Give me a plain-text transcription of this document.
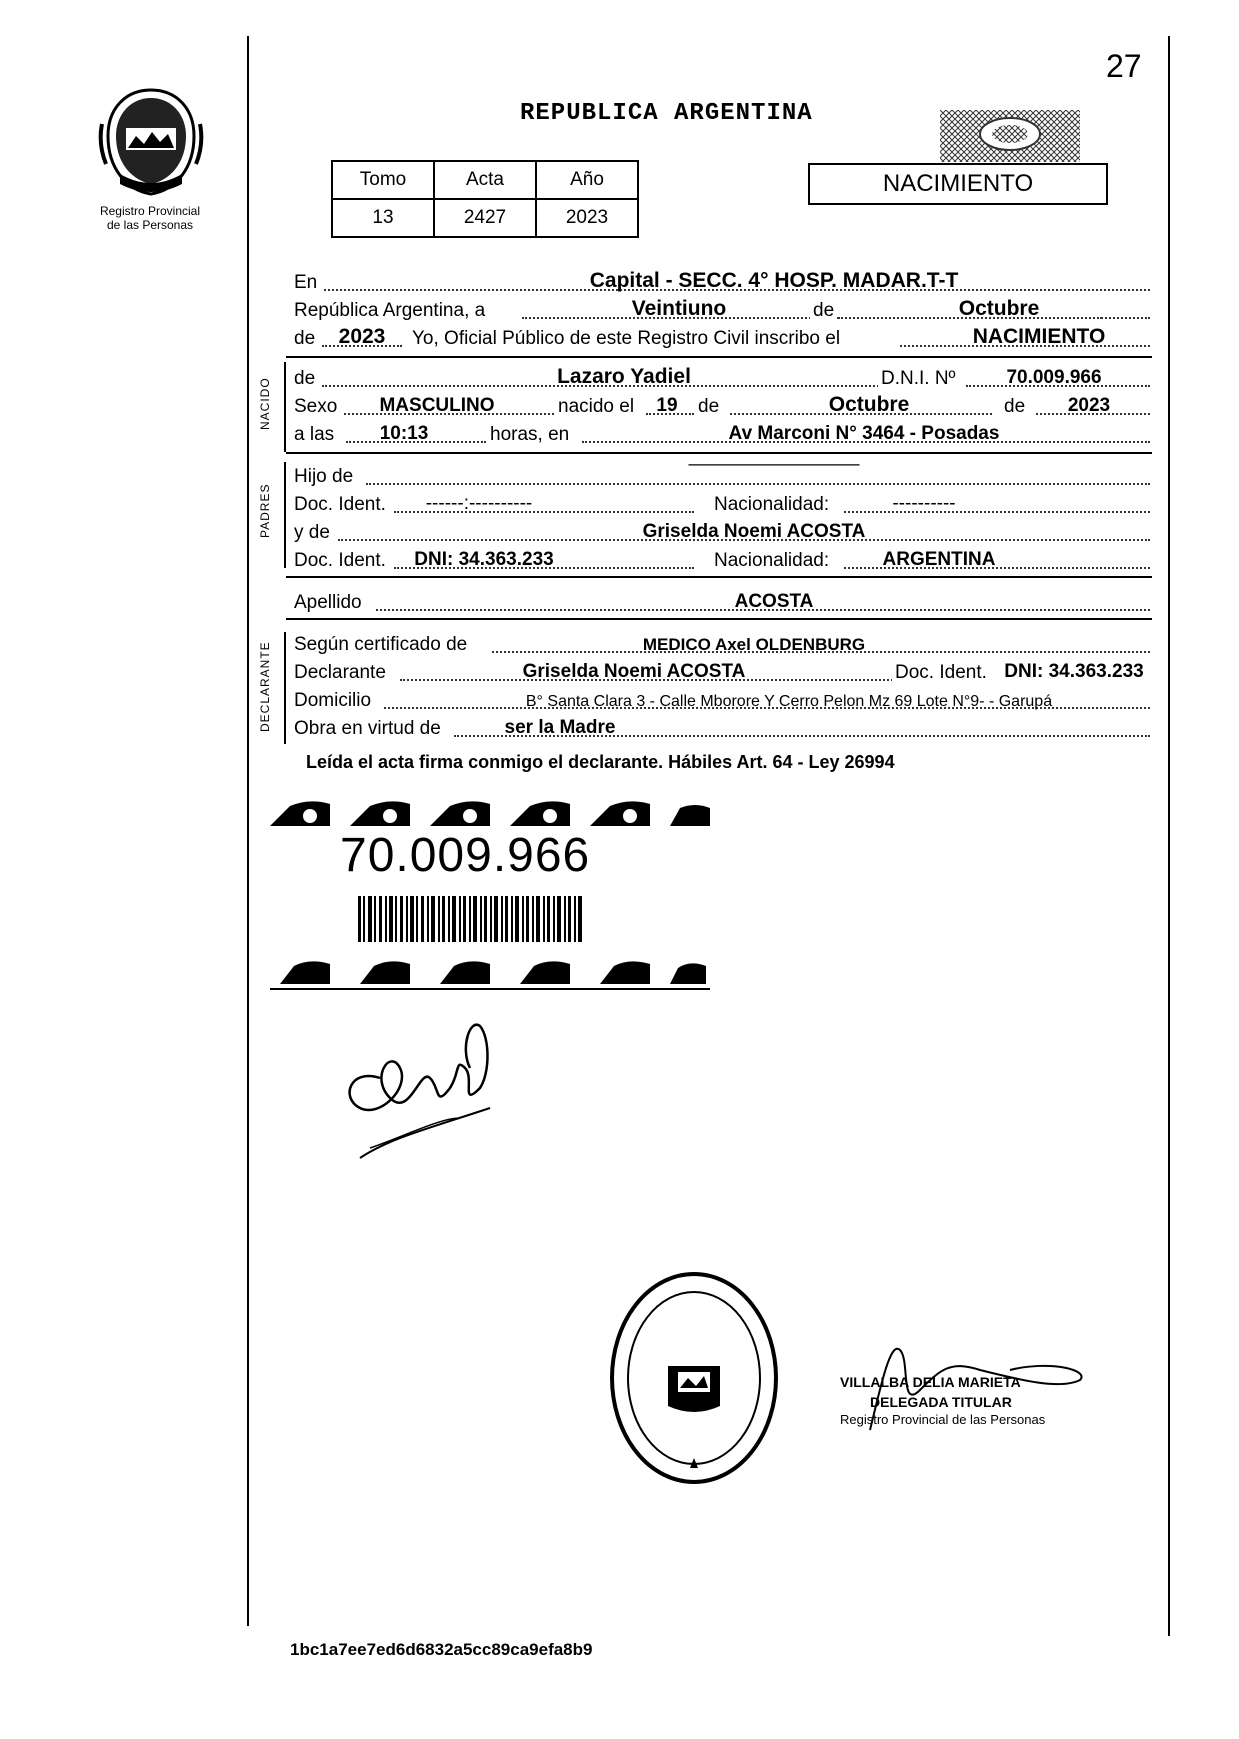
Registro Provincial
de las Personas
27
REPUBLICA ARGENTINA
Tomo	Acta	Año
13	2427	2023
NACIMIENTO
En	Capital - SECC. 4° HOSP. MADAR.T-T
República Argentina, a	Veintiuno	de	Octubre
de	2023	Yo, Oficial Público de este Registro Civil inscribo el	NACIMIENTO
NACIDO de	Lazaro Yadiel	D.N.I. Nº	70.009.966
Sexo	MASCULINO	nacido el 19 de	Octubre	de	2023
a las 10:13	horas, en	Av Marconi N° 3464 - Posadas
PADRES
Hijo de
—————————
Doc. Ident.	------:----------	Nacionalidad:	----------
y de	Griselda Noemi ACOSTA
Doc. Ident.	DNI: 34.363.233	Nacionalidad:	ARGENTINA
Apellido	ACOSTA
DECLARANTE Según certificado de	MEDICO Axel OLDENBURG
Declarante	Griselda Noemi ACOSTA	Doc. Ident. DNI: 34.363.233
Domicilio	B° Santa Clara 3 - Calle Mborore Y Cerro Pelon Mz 69 Lote N°9- - Garupá
Obra en virtud de	ser la Madre
Leída el acta firma conmigo el declarante. Hábiles Art. 64 - Ley 26994
70.009.966
VILLALBA DELIA MARIETA
DELEGADA TITULAR
Registro Provincial de las Personas
1bc1a7ee7ed6d6832a5cc89ca9efa8b9
